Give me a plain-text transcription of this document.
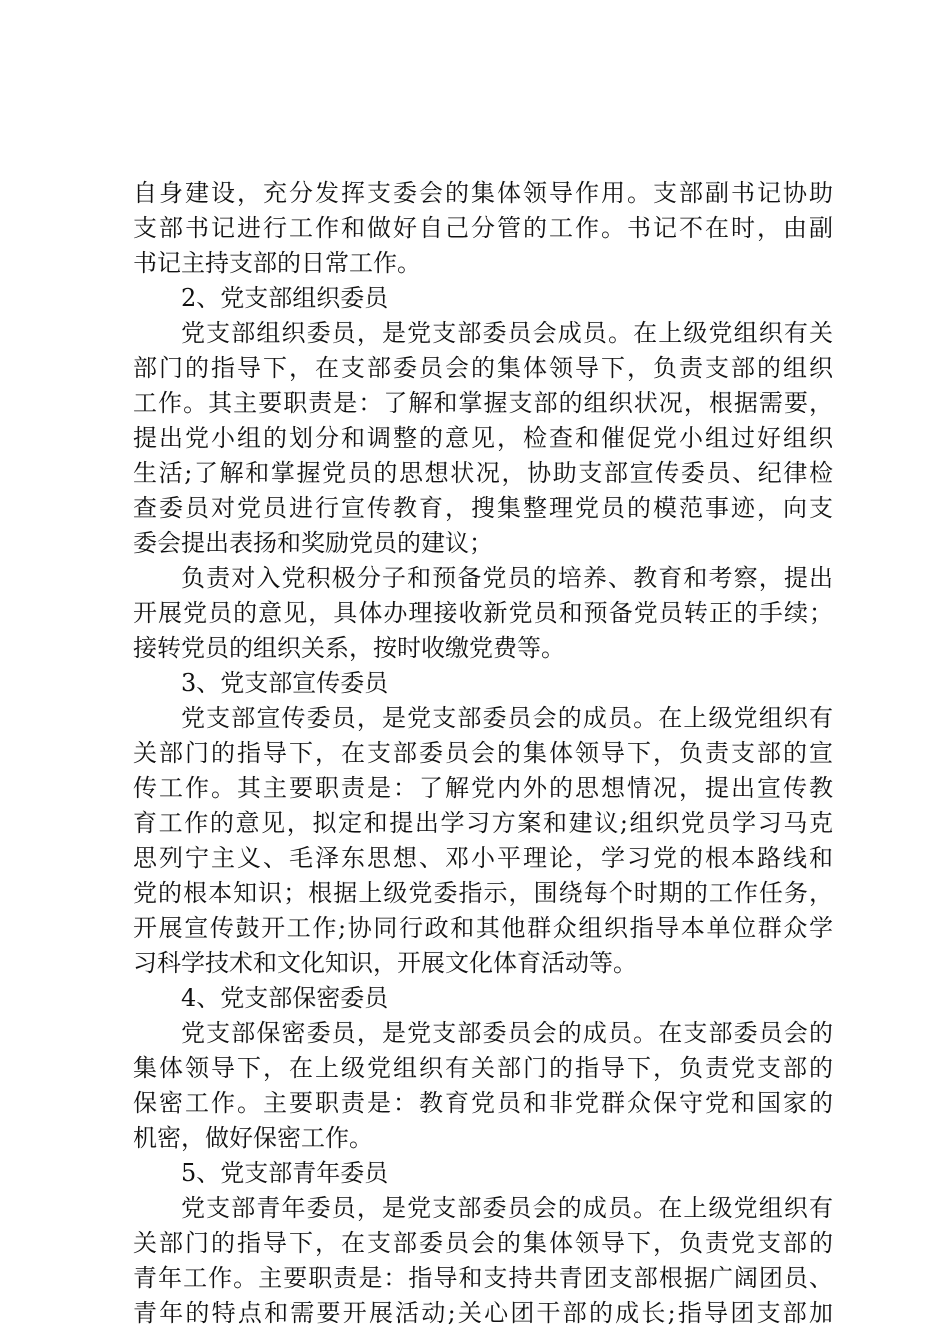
自身建设，充分发挥支委会的集体领导作用。支部副书记协助
支部书记进行工作和做好自己分管的工作。书记不在时，由副
书记主持支部的日常工作。
2、党支部组织委员
党支部组织委员，是党支部委员会成员。在上级党组织有关
部门的指导下，在支部委员会的集体领导下，负责支部的组织
工作。其主要职责是：了解和掌握支部的组织状况，根据需要，
提出党小组的划分和调整的意见，检查和催促党小组过好组织
生活;了解和掌握党员的思想状况，协助支部宣传委员、纪律检
查委员对党员进行宣传教育，搜集整理党员的模范事迹，向支
委会提出表扬和奖励党员的建议；
负责对入党积极分子和预备党员的培养、教育和考察，提出
开展党员的意见，具体办理接收新党员和预备党员转正的手续；
接转党员的组织关系，按时收缴党费等。
3、党支部宣传委员
党支部宣传委员，是党支部委员会的成员。在上级党组织有
关部门的指导下，在支部委员会的集体领导下，负责支部的宣
传工作。其主要职责是：了解党内外的思想情况，提出宣传教
育工作的意见，拟定和提出学习方案和建议;组织党员学习马克
思列宁主义、毛泽东思想、邓小平理论，学习党的根本路线和
党的根本知识；根据上级党委指示，围绕每个时期的工作任务，
开展宣传鼓开工作;协同行政和其他群众组织指导本单位群众学
习科学技术和文化知识，开展文化体育活动等。
4、党支部保密委员
党支部保密委员，是党支部委员会的成员。在支部委员会的
集体领导下，在上级党组织有关部门的指导下，负责党支部的
保密工作。主要职责是：教育党员和非党群众保守党和国家的
机密，做好保密工作。
5、党支部青年委员
党支部青年委员，是党支部委员会的成员。在上级党组织有
关部门的指导下，在支部委员会的集体领导下，负责党支部的
青年工作。主要职责是：指导和支持共青团支部根据广阔团员、
青年的特点和需要开展活动;关心团干部的成长;指导团支部加
